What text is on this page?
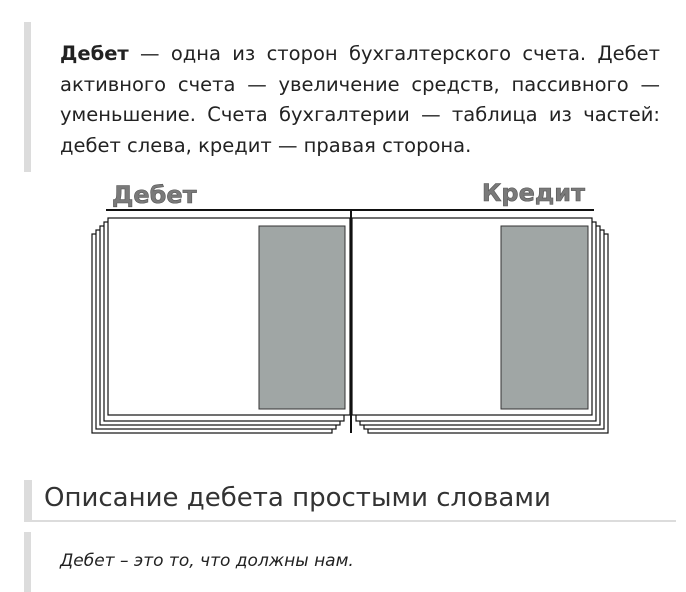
Дебет — одна из сторон бухгалтерского счета. Дебет активного счета — увеличение средств, пассивного — уменьшение. Счета бухгалтерии — таблица из частей: дебет слева, кредит — правая сторона.

Дебет	Кредит
Описание дебета простыми словами

Дебет – это то, что должны нам.
